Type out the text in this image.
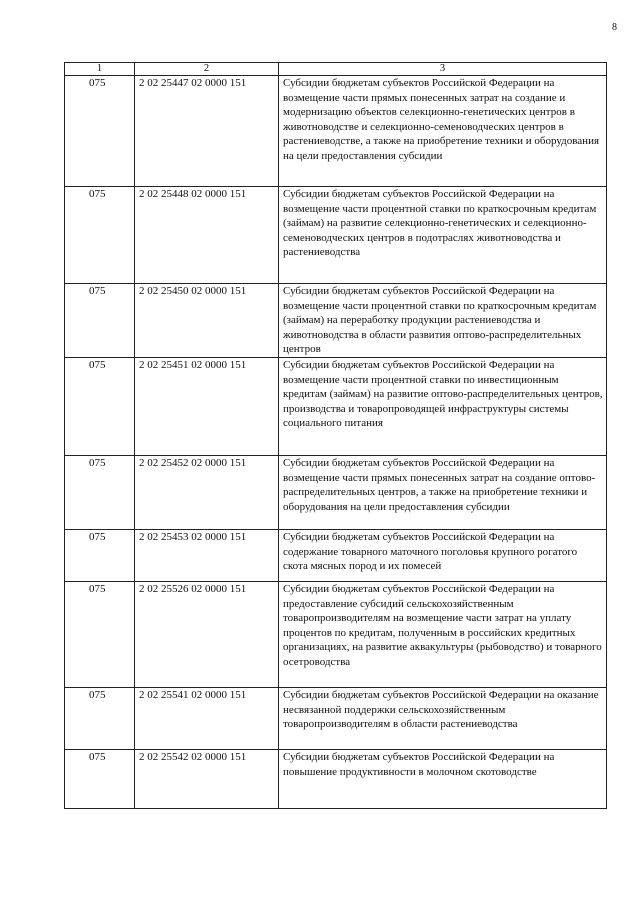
8
1	2	3
075	2 02 25447 02 0000 151	Субсидии бюджетам субъектов Российской Федерации на возмещение части прямых понесенных затрат на создание и модернизацию объектов селекционно-генетических центров в животноводстве и селекционно-семеноводческих центров в растениеводстве, а также на приобретение техники и оборудования на цели предоставления субсидии
075	2 02 25448 02 0000 151	Субсидии бюджетам субъектов Российской Федерации на возмещение части процентной ставки по краткосрочным кредитам (займам) на развитие селекционно-генетических и селекционно-семеноводческих центров в подотраслях животноводства и растениеводства
075	2 02 25450 02 0000 151	Субсидии бюджетам субъектов Российской Федерации на возмещение части процентной ставки по краткосрочным кредитам (займам) на переработку продукции растениеводства и животноводства в области развития оптово-распределительных центров
075	2 02 25451 02 0000 151	Субсидии бюджетам субъектов Российской Федерации на возмещение части процентной ставки по инвестиционным кредитам (займам) на развитие оптово-распределительных центров, производства и товаропроводящей инфраструктуры системы социального питания
075	2 02 25452 02 0000 151	Субсидии бюджетам субъектов Российской Федерации на возмещение части прямых понесенных затрат на создание оптово-распределительных центров, а также на приобретение техники и оборудования на цели предоставления субсидии
075	2 02 25453 02 0000 151	Субсидии бюджетам субъектов Российской Федерации на содержание товарного маточного поголовья крупного рогатого скота мясных пород и их помесей
075	2 02 25526 02 0000 151	Субсидии бюджетам субъектов Российской Федерации на предоставление субсидий сельскохозяйственным товаропроизводителям на возмещение части затрат на уплату процентов по кредитам, полученным в российских кредитных организациях, на развитие аквакультуры (рыбоводство) и товарного осетроводства
075	2 02 25541 02 0000 151	Субсидии бюджетам субъектов Российской Федерации на оказание несвязанной поддержки сельскохозяйственным товаропроизводителям в области растениеводства
075	2 02 25542 02 0000 151	Субсидии бюджетам субъектов Российской Федерации на повышение продуктивности в молочном скотоводстве
